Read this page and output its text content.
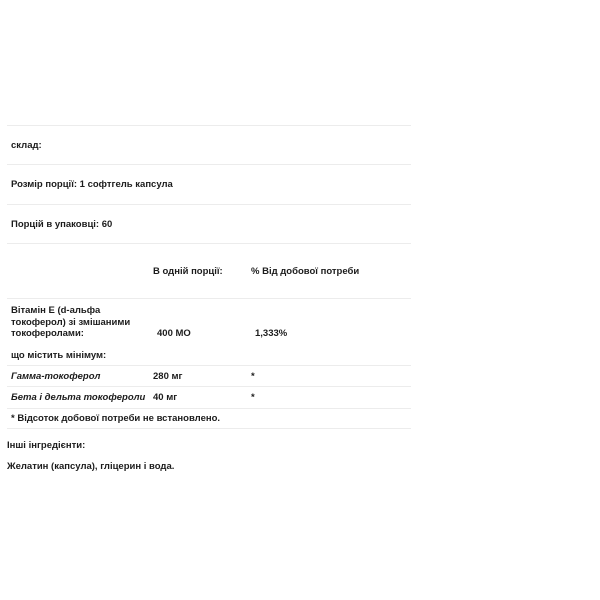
склад:
Розмір порції: 1 софтгель капсула
Порцій в упаковці: 60
В одній порції:	% Від добової потреби
Вітамін Е (d-альфа токоферол) зі змішаними токоферолами:	400 МО	1,333%
що містить мінімум:
Гамма-токоферол	280 мг	*
Бета і дельта токофероли 40 мг	*
* Відсоток добової потреби не встановлено.
Інші інгредієнти:
Желатин (капсула), гліцерин і вода.
